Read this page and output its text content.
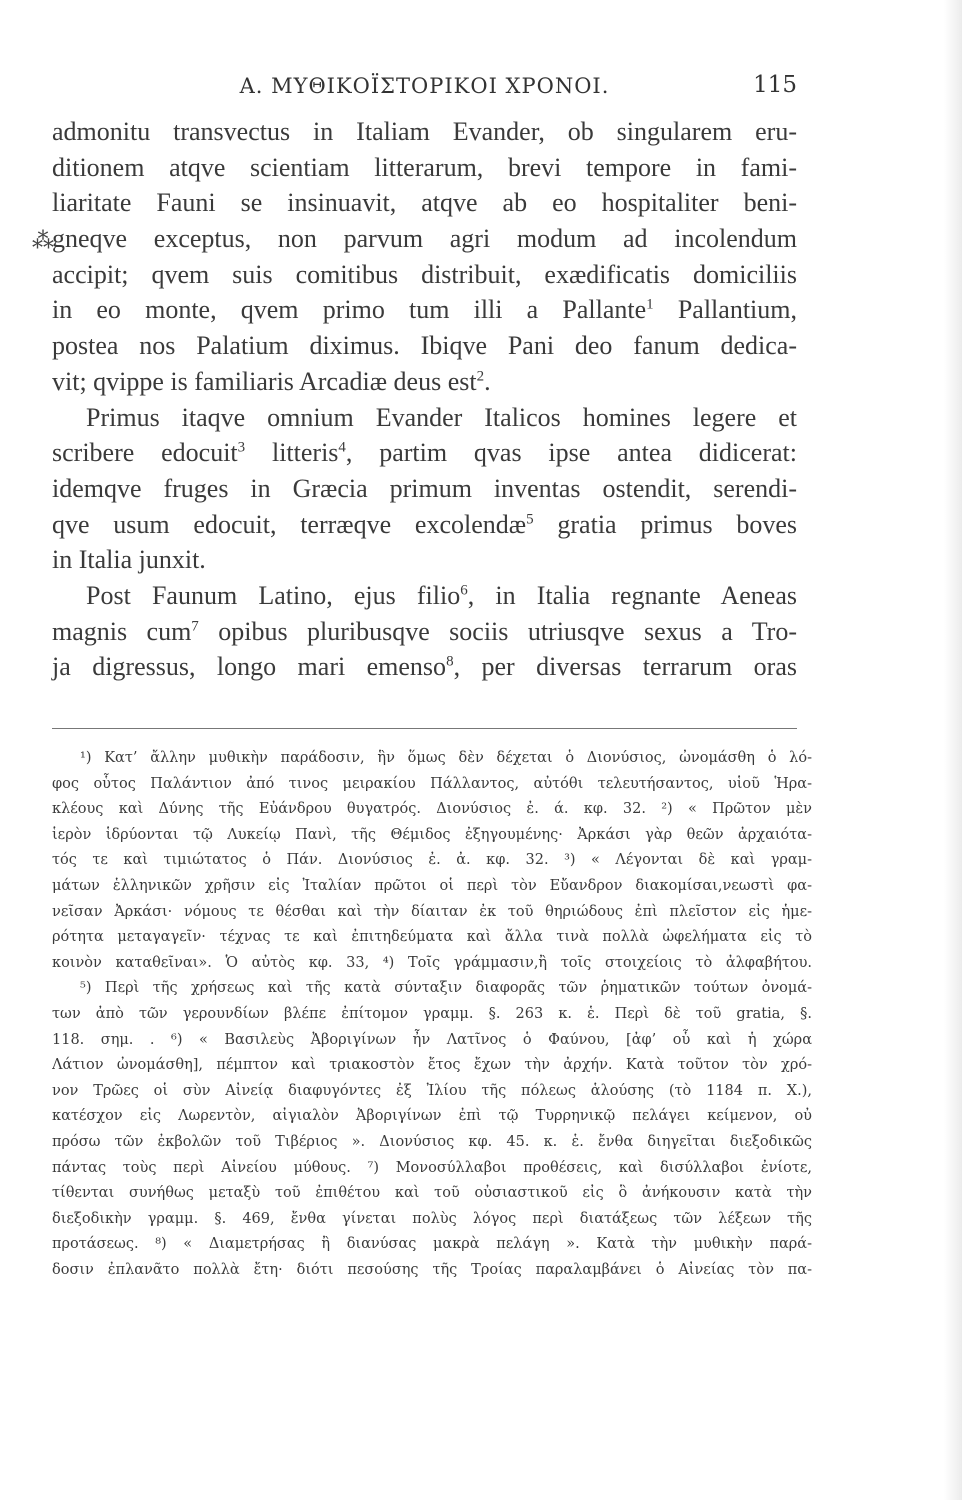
Α. ΜΥΘΙΚΟΪΣΤΟΡΙΚΟΙ ΧΡΟΝΟΙ.	115
admonitu transvectus in Italiam Evander, ob singularem eru-
ditionem atqve scientiam litterarum, brevi tempore in fami-
liaritate Fauni se insinuavit, atqve ab eo hospitaliter beni-
⁂
gneqve exceptus, non parvum agri modum ad incolendum
accipit; qvem suis comitibus distribuit, exædificatis domiciliis
in eo monte, qvem primo tum illi a Pallante$^1$ Pallantium,
postea nos Palatium diximus. Ibiqve Pani deo fanum dedica-
vit; qvippe is familiaris Arcadiæ deus est$^2$.
Primus itaqve omnium Evander Italicos homines legere et
scribere edocuit$^3$ litteris$^4$, partim qvas ipse antea didicerat:
idemqve fruges in Græcia primum inventas ostendit, serendi-
qve usum edocuit, terræqve excolendæ$^5$ gratia primus boves
in Italia junxit.
Post Faunum Latino, ejus filio$^6$, in Italia regnante Aeneas
magnis cum$^7$ opibus pluribusqve sociis utriusqve sexus a Tro-
ja digressus, longo mari emenso$^8$, per diversas terrarum oras
¹) Κατ’ ἄλλην μυθικὴν παράδοσιν, ἣν ὅμως δὲν δέχεται ὁ Διονύσιος, ὠνομάσθη ὁ λό-
φος οὗτος Παλάντιον ἀπό τινος μειρακίου Πάλλαντος, αὐτόθι τελευτήσαντος, υἱοῦ Ἡρα-
κλέους καὶ Δύνης τῆς Εὐάνδρου θυγατρός. Διονύσιος ἐ. ά. κφ. 32. ²) « Πρῶτον μὲν
ἱερὸν ἱδρύονται τῷ Λυκείῳ Πανὶ, τῆς Θέμιδος ἐξηγουμένης· Ἀρκάσι γὰρ θεῶν ἀρχαιότα-
τός τε καὶ τιμιώτατος ὁ Πάν. Διονύσιος ἐ. ἀ. κφ. 32. ³) « Λέγονται δὲ καὶ γραμ-
μάτων ἑλληνικῶν χρῆσιν εἰς Ἰταλίαν πρῶτοι οἱ περὶ τὸν Εὔανδρον διακομίσαι,νεωστὶ φα-
νεῖσαν Ἀρκάσι· νόμους τε θέσθαι καὶ τὴν δίαιταν ἐκ τοῦ θηριώδους ἐπὶ πλεῖστον εἰς ἡμε-
ρότητα μεταγαγεῖν· τέχνας τε καὶ ἐπιτηδεύματα καὶ ἄλλα τινὰ πολλὰ ὠφελήματα εἰς τὸ
κοινὸν καταθεῖναι». Ὁ αὐτὸς κφ. 33, ⁴) Τοῖς γράμμασιν,ἢ τοῖς στοιχείοις τὸ ἀλφαβήτου.
⁵) Περὶ τῆς χρήσεως καὶ τῆς κατὰ σύνταξιν διαφορᾶς τῶν ῥηματικῶν τούτων ὀνομά-
των ἀπὸ τῶν γερουνδίων βλέπε ἐπίτομον γραμμ. §. 263 κ. ἑ. Περὶ δὲ τοῦ gratia, §.
118. σημ. . ⁶) « Βασιλεὺς Ἀβοριγίνων ἦν Λατῖνος ὁ Φαύνου, [ἀφ’ οὗ καὶ ἡ χώρα
Λάτιον ὠνομάσθη], πέμπτον καὶ τριακοστὸν ἔτος ἔχων τὴν ἀρχήν. Κατὰ τοῦτον τὸν χρό-
νον Τρῶες οἱ σὺν Αἰνείᾳ διαφυγόντες ἐξ Ἰλίου τῆς πόλεως ἁλούσης (τὸ 1184 π. Χ.),
κατέσχον εἰς Λωρεντὸν, αἰγιαλὸν Ἀβοριγίνων ἐπὶ τῷ Τυρρηνικῷ πελάγει κείμενον, οὐ
πρόσω τῶν ἐκβολῶν τοῦ Τιβέριος ». Διονύσιος κφ. 45. κ. ἑ. ἔνθα διηγεῖται διεξοδικῶς
πάντας τοὺς περὶ Αἰνείου μύθους. ⁷) Μονοσύλλαβοι προθέσεις, καὶ δισύλλαβοι ἐνίοτε,
τίθενται συνήθως μεταξὺ τοῦ ἐπιθέτου καὶ τοῦ οὐσιαστικοῦ εἰς ὃ ἀνήκουσιν κατὰ τὴν
διεξοδικὴν γραμμ. §. 469, ἔνθα γίνεται πολὺς λόγος περὶ διατάξεως τῶν λέξεων τῆς
προτάσεως. ⁸) « Διαμετρήσας ἢ διανύσας μακρὰ πελάγη ». Κατὰ τὴν μυθικὴν παρά-
δοσιν ἐπλανᾶτο πολλὰ ἔτη· διότι πεσούσης τῆς Τροίας παραλαμβάνει ὁ Αἰνείας τὸν πα-
